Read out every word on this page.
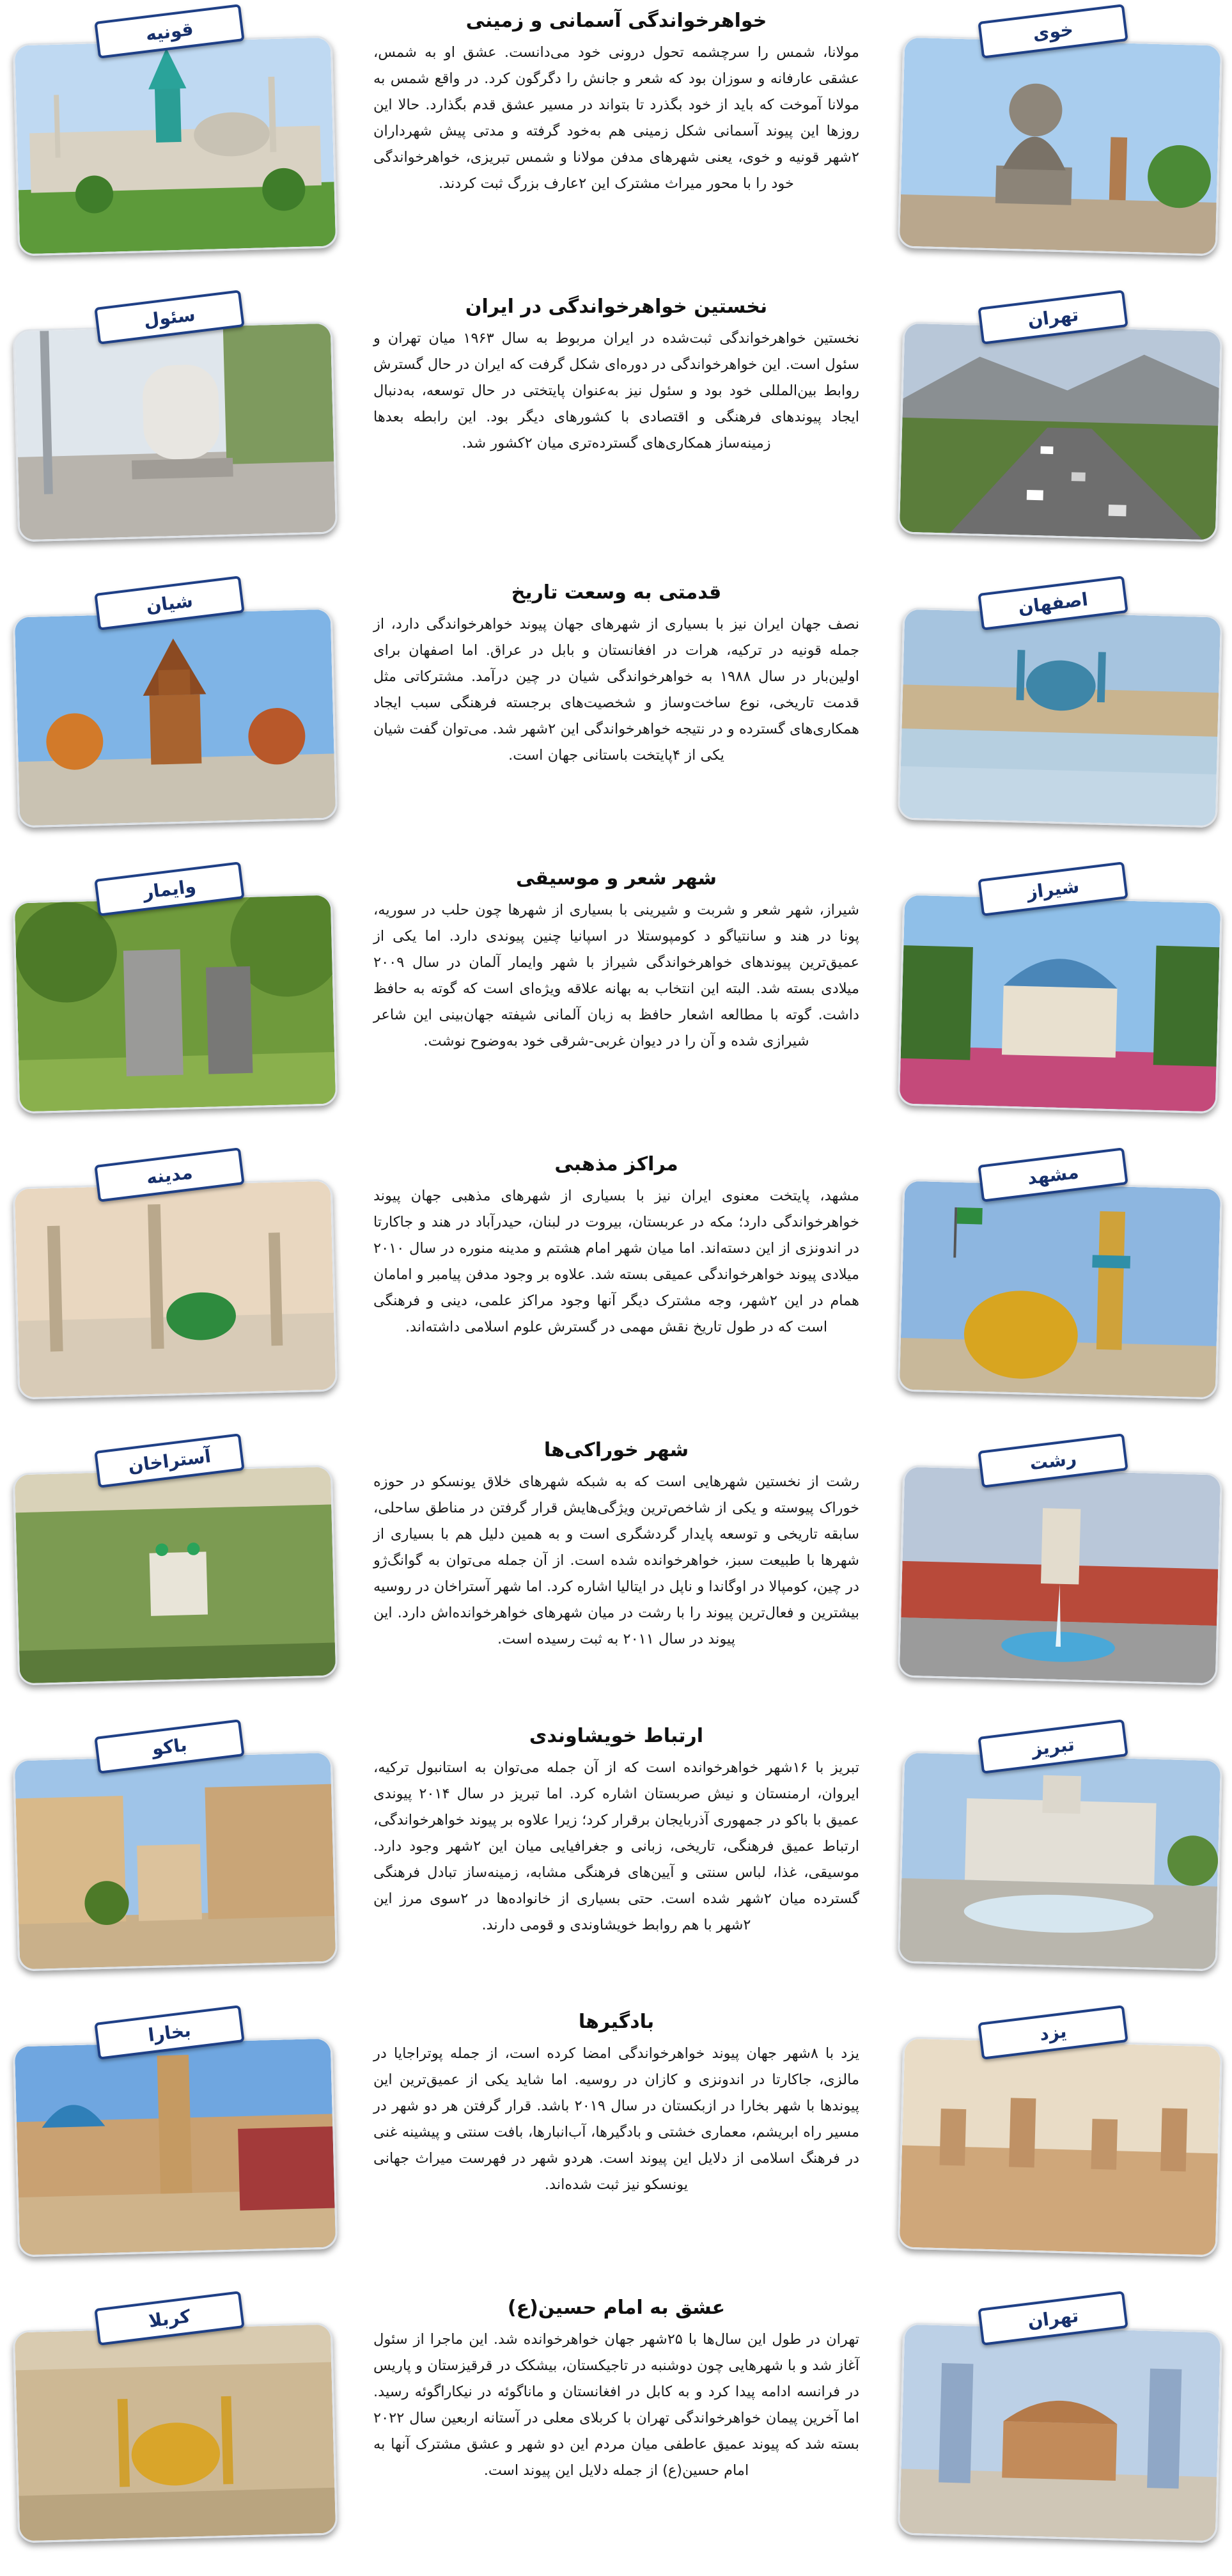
قونیه	خواهرخواندگی آسمانی و زمینی

مولانا، شمس را سرچشمه تحول درونی خود می‌دانست. عشق او به شمس، عشقی عارفانه و سوزان بود که شعر و جانش را دگرگون کرد. در واقع شمس به مولانا آموخت که باید از خود بگذرد تا بتواند در مسیر عشق قدم بگذارد. حالا این روزها این پیوند آسمانی شکل زمینی هم به‌خود گرفته و مدتی پیش شهرداران ۲شهر قونیه و خوی، یعنی شهرهای مدفن مولانا و شمس تبریزی، خواهرخواندگی خود را با محور میراث مشترک این ۲عارف بزرگ ثبت کردند.

خوی
سئول	نخستین خواهرخواندگی در ایران

نخستین خواهرخواندگی ثبت‌شده در ایران مربوط به سال ۱۹۶۳ میان تهران و سئول است. این خواهرخواندگی در دوره‌ای شکل گرفت که ایران در حال گسترش روابط بین‌المللی خود بود و سئول نیز به‌عنوان پایتختی در حال توسعه، به‌دنبال ایجاد پیوندهای فرهنگی و اقتصادی با کشورهای دیگر بود. این رابطه بعدها زمینه‌ساز همکاری‌های گسترده‌تری میان ۲کشور شد.

تهران
شیان	قدمتی به وسعت تاریخ

نصف جهان ایران نیز با بسیاری از شهرهای جهان پیوند خواهرخواندگی دارد، از جمله قونیه در ترکیه، هرات در افغانستان و بابل در عراق. اما اصفهان برای اولین‌بار در سال ۱۹۸۸ به خواهرخواندگی شیان در چین درآمد. مشترکاتی مثل قدمت تاریخی، نوع ساخت‌وساز و شخصیت‌های برجسته فرهنگی سبب ایجاد همکاری‌های گسترده و در نتیجه خواهرخواندگی این ۲شهر شد. می‌توان گفت شیان یکی از ۴پایتخت باستانی جهان است.

اصفهان
وایمار	شهر شعر و موسیقی

شیراز، شهر شعر و شربت و شیرینی با بسیاری از شهرها چون حلب در سوریه، پونا در هند و سانتیاگو د کومپوستلا در اسپانیا چنین پیوندی دارد. اما یکی از عمیق‌ترین پیوندهای خواهرخواندگی شیراز با شهر وایمار آلمان در سال ۲۰۰۹ میلادی بسته شد. البته این انتخاب به بهانه علاقه ویژه‌ای است که گوته به حافظ داشت. گوته با مطالعه اشعار حافظ به زبان آلمانی شیفته جهان‌بینی این شاعر شیرازی شده و آن را در دیوان غربی-شرقی خود به‌وضوح نوشت.

شیراز
مدینه	مراکز مذهبی

مشهد، پایتخت معنوی ایران نیز با بسیاری از شهرهای مذهبی جهان پیوند خواهرخواندگی دارد؛ مکه در عربستان، بیروت در لبنان، حیدرآباد در هند و جاکارتا در اندونزی از این دسته‌اند. اما میان شهر امام هشتم و مدینه منوره در سال ۲۰۱۰ میلادی پیوند خواهرخواندگی عمیقی بسته شد. علاوه بر وجود مدفن پیامبر و امامان همام در این ۲شهر، وجه مشترک دیگر آنها وجود مراکز علمی، دینی و فرهنگی است که در طول تاریخ نقش مهمی در گسترش علوم اسلامی داشته‌اند.

مشهد
آستراخان	شهر خوراکی‌ها

رشت از نخستین شهرهایی است که به شبکه شهرهای خلاق یونسکو در حوزه خوراک پیوسته و یکی از شاخص‌ترین ویژگی‌هایش قرار گرفتن در مناطق ساحلی، سابقه تاریخی و توسعه پایدار گردشگری است و به همین دلیل هم با بسیاری از شهرها با طبیعت سبز، خواهرخوانده شده است. از آن جمله می‌توان به گوانگ‌ژو در چین، کومپالا در اوگاندا و ناپل در ایتالیا اشاره کرد. اما شهر آستراخان در روسیه بیشترین و فعال‌ترین پیوند را با رشت در میان شهرهای خواهرخوانده‌اش دارد. این پیوند در سال ۲۰۱۱ به ثبت رسیده است.

رشت
باکو	ارتباط خویشاوندی

تبریز با ۱۶شهر خواهرخوانده است که از آن جمله می‌توان به استانبول ترکیه، ایروان، ارمنستان و نیش صربستان اشاره کرد. اما تبریز در سال ۲۰۱۴ پیوندی عمیق با باکو در جمهوری آذربایجان برقرار کرد؛ زیرا علاوه بر پیوند خواهرخواندگی، ارتباط عمیق فرهنگی، تاریخی، زبانی و جغرافیایی میان این ۲شهر وجود دارد. موسیقی، غذا، لباس سنتی و آیین‌های فرهنگی مشابه، زمینه‌ساز تبادل فرهنگی گسترده میان ۲شهر شده است. حتی بسیاری از خانواده‌ها در ۲سوی مرز این ۲شهر با هم روابط خویشاوندی و قومی دارند.

تبریز
بخارا	بادگیرها

یزد با ۸شهر جهان پیوند خواهرخواندگی امضا کرده است، از جمله پوترا‌جایا در مالزی، جاکارتا در اندونزی و کازان در روسیه. اما شاید یکی از عمیق‌ترین این پیوندها با شهر بخارا در ازبکستان در سال ۲۰۱۹ باشد. قرار گرفتن هر دو شهر در مسیر راه ابریشم، معماری خشتی و بادگیرها، آب‌انبارها، بافت سنتی و پیشینه غنی در فرهنگ اسلامی از دلایل این پیوند است. هردو شهر در فهرست میراث جهانی یونسکو نیز ثبت شده‌اند.

یزد
کربلا	عشق به امام حسین(ع)

تهران در طول این سال‌ها با ۲۵شهر جهان خواهرخوانده شد. این ماجرا از سئول آغاز شد و با شهرهایی چون دوشنبه در تاجیکستان، بیشکک در قرقیزستان و پاریس در فرانسه ادامه پیدا کرد و به کابل در افغانستان و ماناگوئه در نیکاراگوئه رسید. اما آخرین پیمان خواهرخواندگی تهران با کربلای معلی در آستانه اربعین سال ۲۰۲۲ بسته شد که پیوند عمیق عاطفی میان مردم این دو شهر و عشق مشترک آنها به امام حسین(ع) از جمله دلایل این پیوند است.

تهران
